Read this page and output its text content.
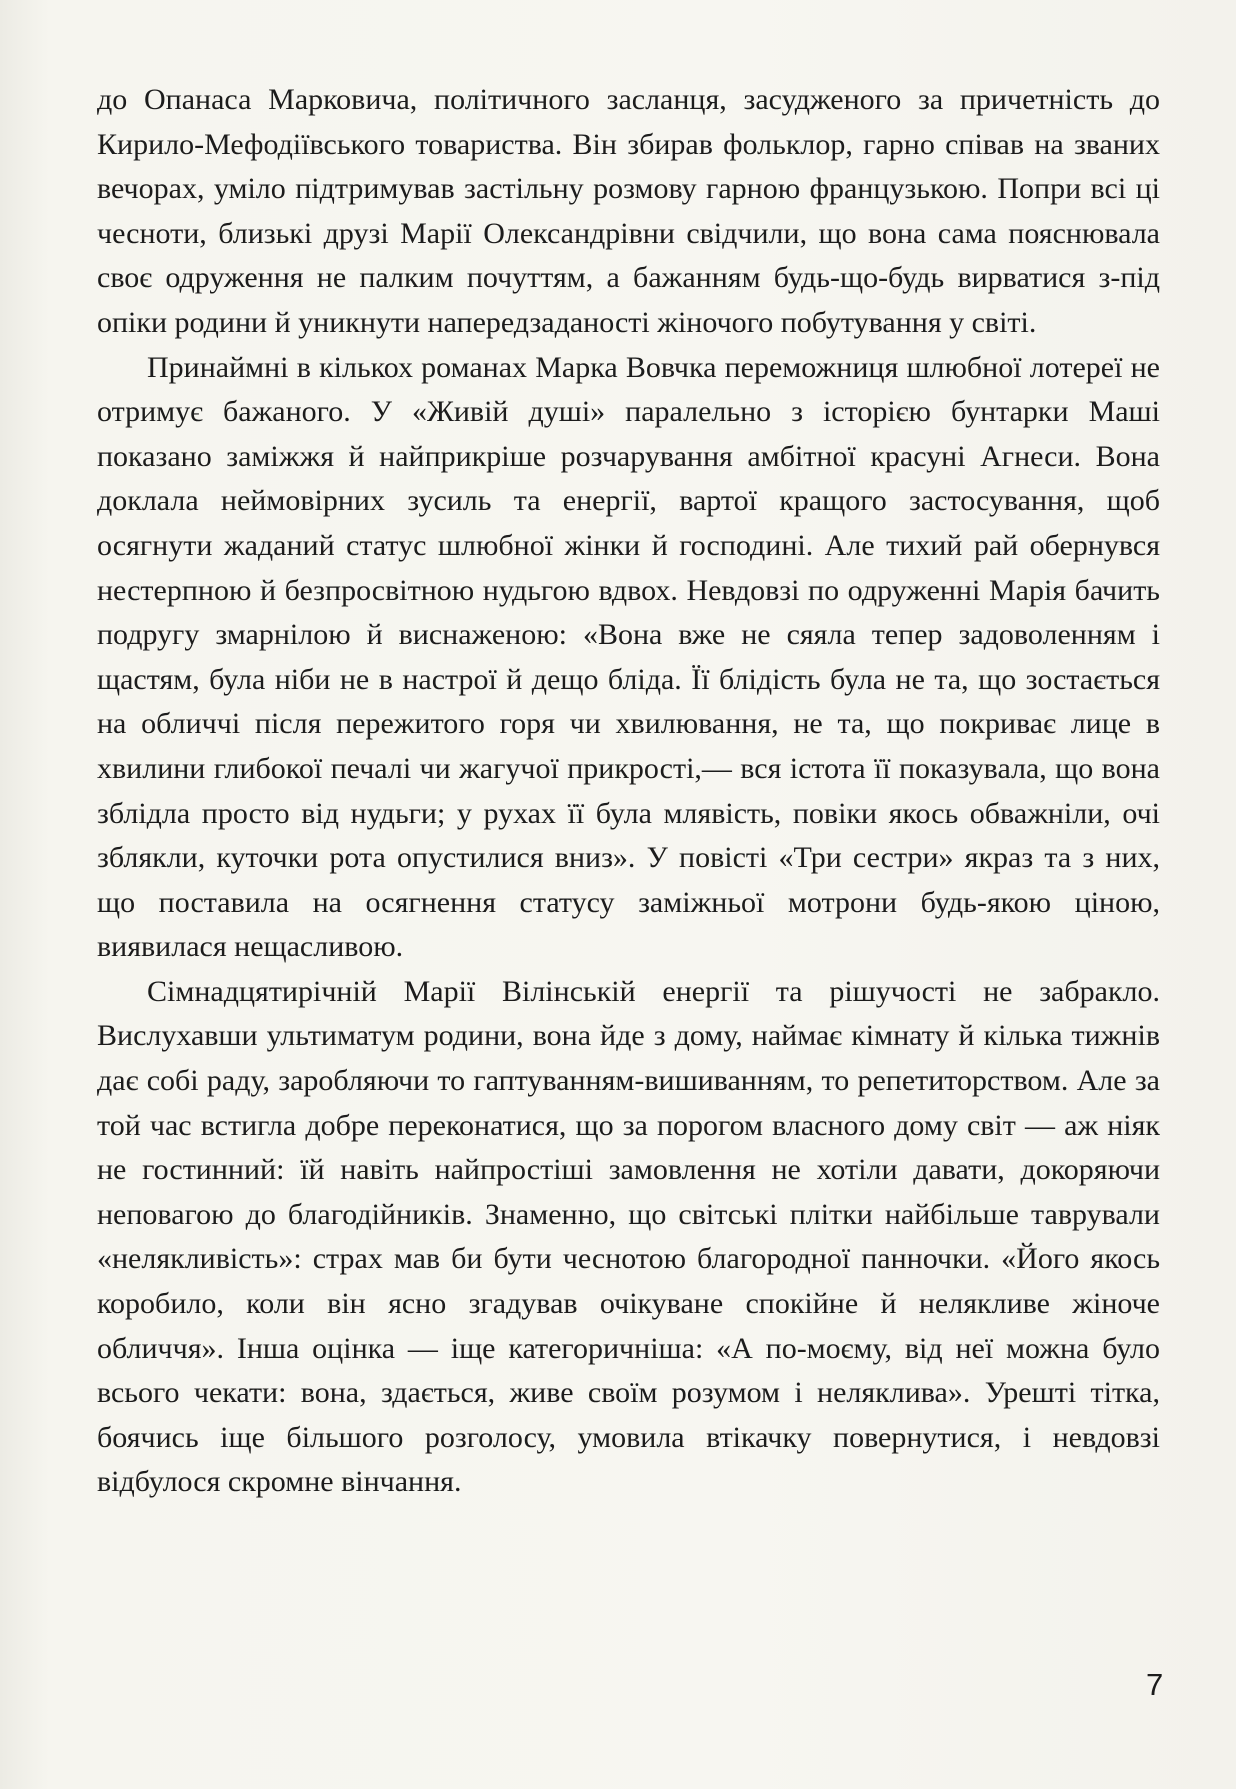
до Опанаса Марковича, політичного засланця, засудженого за причетність до Кирило-Мефодіївського товариства. Він збирав фольклор, гарно співав на званих вечорах, уміло підтримував застільну розмову гарною французькою. Попри всі ці чесноти, близькі друзі Марії Олександрівни свідчили, що вона сама пояснювала своє одруження не палким почуттям, а бажанням будь-що-будь вирватися з-під опіки родини й уникнути напередзаданості жіночого побутування у світі.

Принаймні в кількох романах Марка Вовчка переможниця шлюбної лотереї не отримує бажаного. У «Живій душі» паралельно з історією бунтарки Маші показано заміжжя й найприкріше розчарування амбітної красуні Агнеси. Вона доклала неймовірних зусиль та енергії, вартої кращого застосування, щоб осягнути жаданий статус шлюбної жінки й господині. Але тихий рай обернувся нестерпною й безпросвітною нудьгою вдвох. Невдовзі по одруженні Марія бачить подругу змарнілою й виснаженою: «Вона вже не сяяла тепер задоволенням і щастям, була ніби не в настрої й дещо бліда. Її блідість була не та, що зостається на обличчі після пережитого горя чи хвилювання, не та, що покриває лице в хвилини глибокої печалі чи жагучої прикрості,— вся істота її показувала, що вона зблідла просто від нудьги; у рухах її була млявість, повіки якось обважніли, очі зблякли, куточки рота опустилися вниз». У повісті «Три сестри» якраз та з них, що поставила на осягнення статусу заміжньої мотрони будь-якою ціною, виявилася нещасливою.

Сімнадцятирічній Марії Вілінській енергії та рішучості не забракло. Вислухавши ультиматум родини, вона йде з дому, наймає кімнату й кілька тижнів дає собі раду, заробляючи то гаптуванням-вишиванням, то репетиторством. Але за той час встигла добре переконатися, що за порогом власного дому світ — аж ніяк не гостинний: їй навіть найпростіші замовлення не хотіли давати, докоряючи неповагою до благодійників. Знаменно, що світські плітки найбільше таврували «нелякливість»: страх мав би бути чеснотою благородної панночки. «Його якось коробило, коли він ясно згадував очікуване спокійне й нелякливе жіноче обличчя». Інша оцінка — іще категоричніша: «А по-моєму, від неї можна було всього чекати: вона, здається, живе своїм розумом і неляклива». Урешті тітка, боячись іще більшого розголосу, умовила втікачку повернутися, і невдовзі відбулося скромне вінчання.

7
